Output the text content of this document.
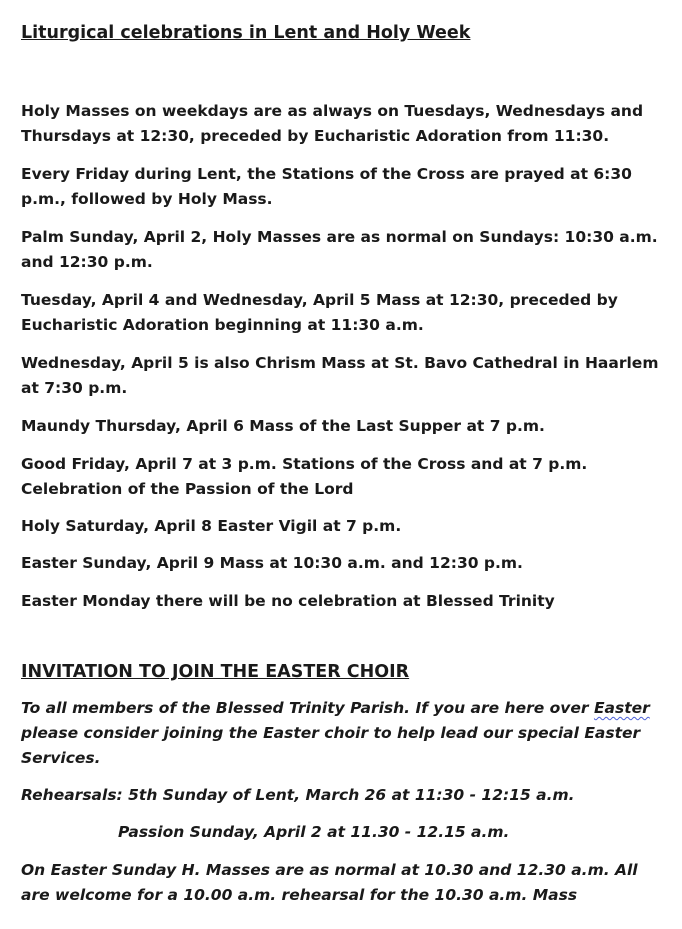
Liturgical celebrations in Lent and Holy Week

Holy Masses on weekdays are as always on Tuesdays, Wednesdays and Thursdays at 12:30, preceded by Eucharistic Adoration from 11:30.

Every Friday during Lent, the Stations of the Cross are prayed at 6:30 p.m., followed by Holy Mass.

Palm Sunday, April 2, Holy Masses are as normal on Sundays: 10:30 a.m. and 12:30 p.m.

Tuesday, April 4 and Wednesday, April 5 Mass at 12:30, preceded by Eucharistic Adoration beginning at 11:30 a.m.

Wednesday, April 5 is also Chrism Mass at St. Bavo Cathedral in Haarlem at 7:30 p.m.

Maundy Thursday, April 6 Mass of the Last Supper at 7 p.m.

Good Friday, April 7 at 3 p.m. Stations of the Cross and at 7 p.m. Celebration of the Passion of the Lord

Holy Saturday, April 8 Easter Vigil at 7 p.m.

Easter Sunday, April 9 Mass at 10:30 a.m. and 12:30 p.m.

Easter Monday there will be no celebration at Blessed Trinity

INVITATION TO JOIN THE EASTER CHOIR

To all members of the Blessed Trinity Parish. If you are here over Easter please consider joining the Easter choir to help lead our special Easter Services.

Rehearsals: 5th Sunday of Lent, March 26 at 11:30 - 12:15 a.m.

Passion Sunday, April 2 at 11.30 - 12.15 a.m.

On Easter Sunday H. Masses are as normal at 10.30 and 12.30 a.m. All are welcome for a 10.00 a.m. rehearsal for the 10.30 a.m. Mass
